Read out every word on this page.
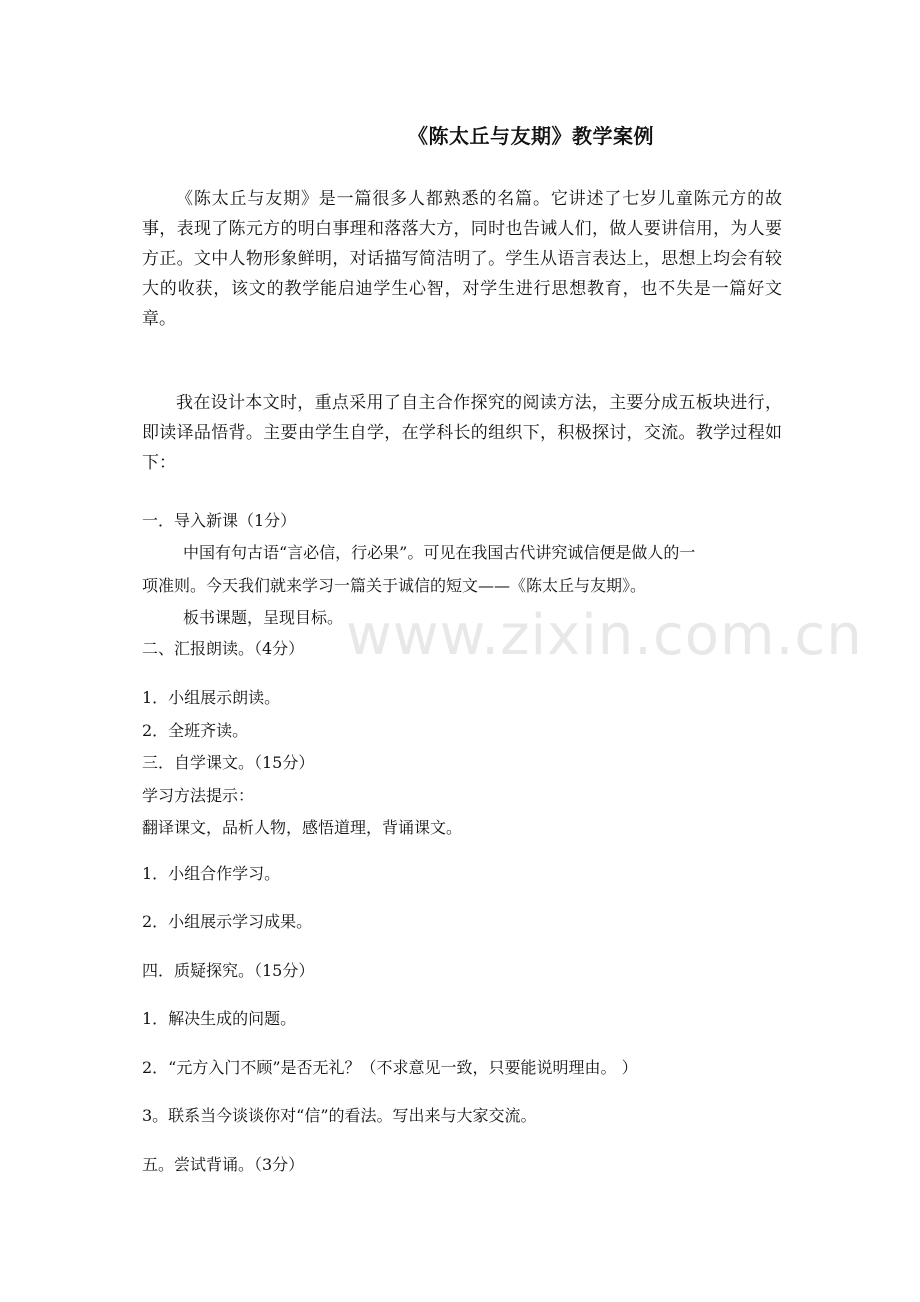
《陈太丘与友期》教学案例

《陈太丘与友期》是一篇很多人都熟悉的名篇。它讲述了七岁儿童陈元方的故事，表现了陈元方的明白事理和落落大方，同时也告诫人们，做人要讲信用，为人要方正。文中人物形象鲜明，对话描写简洁明了。学生从语言表达上，思想上均会有较大的收获，该文的教学能启迪学生心智，对学生进行思想教育，也不失是一篇好文章。

我在设计本文时，重点采用了自主合作探究的阅读方法，主要分成五板块进行，即读译品悟背。主要由学生自学，在学科长的组织下，积极探讨，交流。教学过程如下：

一．导入新课（1分）

中国有句古语“言必信，行必果”。可见在我国古代讲究诚信便是做人的一

项准则。今天我们就来学习一篇关于诚信的短文——《陈太丘与友期》。

板书课题，呈现目标。

二、汇报朗读。（4分）

1．小组展示朗读。

2．全班齐读。

三．自学课文。（15分）

学习方法提示：

翻译课文，品析人物，感悟道理，背诵课文。

1．小组合作学习。

2．小组展示学习成果。

四．质疑探究。（15分）

1．解决生成的问题。

2．“元方入门不顾”是否无礼？（不求意见一致，只要能说明理由。 ）

3。联系当今谈谈你对“信”的看法。写出来与大家交流。

五。尝试背诵。（3分）

www.zixin.com.cn
